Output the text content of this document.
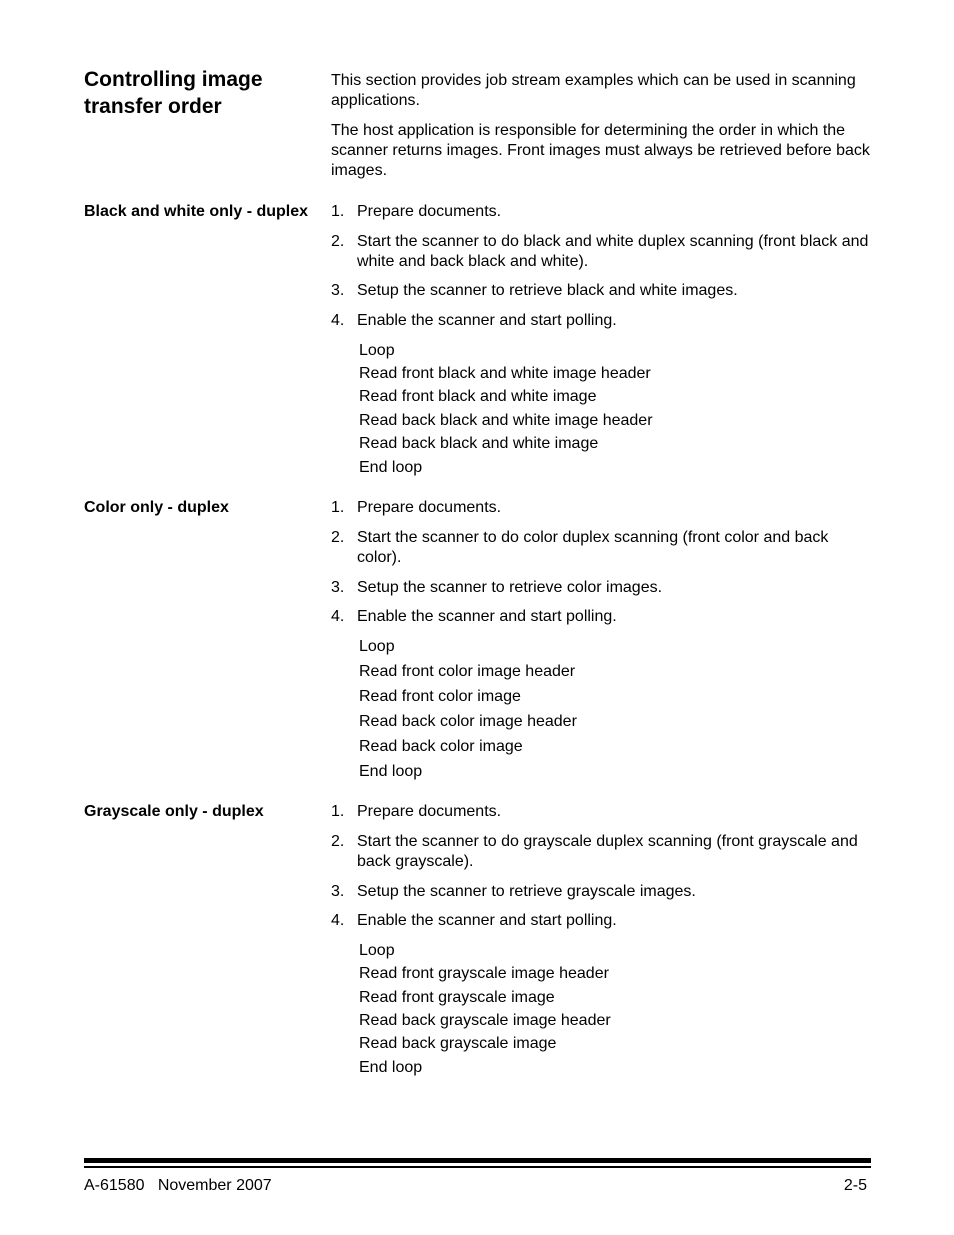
Controlling image transfer order
This section provides job stream examples which can be used in scanning applications.
The host application is responsible for determining the order in which the scanner returns images. Front images must always be retrieved before back images.
Black and white only - duplex 1. Prepare documents.
2. Start the scanner to do black and white duplex scanning (front black and white and back black and white).
3. Setup the scanner to retrieve black and white images.
4. Enable the scanner and start polling.
Loop
Read front black and white image header
Read front black and white image
Read back black and white image header
Read back black and white image
End loop
Color only - duplex	1. Prepare documents.
2. Start the scanner to do color duplex scanning (front color and back color).
3. Setup the scanner to retrieve color images.
4. Enable the scanner and start polling.
Loop
Read front color image header
Read front color image
Read back color image header
Read back color image
End loop
Grayscale only - duplex	1. Prepare documents.
2. Start the scanner to do grayscale duplex scanning (front grayscale and back grayscale).
3. Setup the scanner to retrieve grayscale images.
4. Enable the scanner and start polling.
Loop
Read front grayscale image header
Read front grayscale image
Read back grayscale image header
Read back grayscale image
End loop
A-61580   November 2007	2-5
